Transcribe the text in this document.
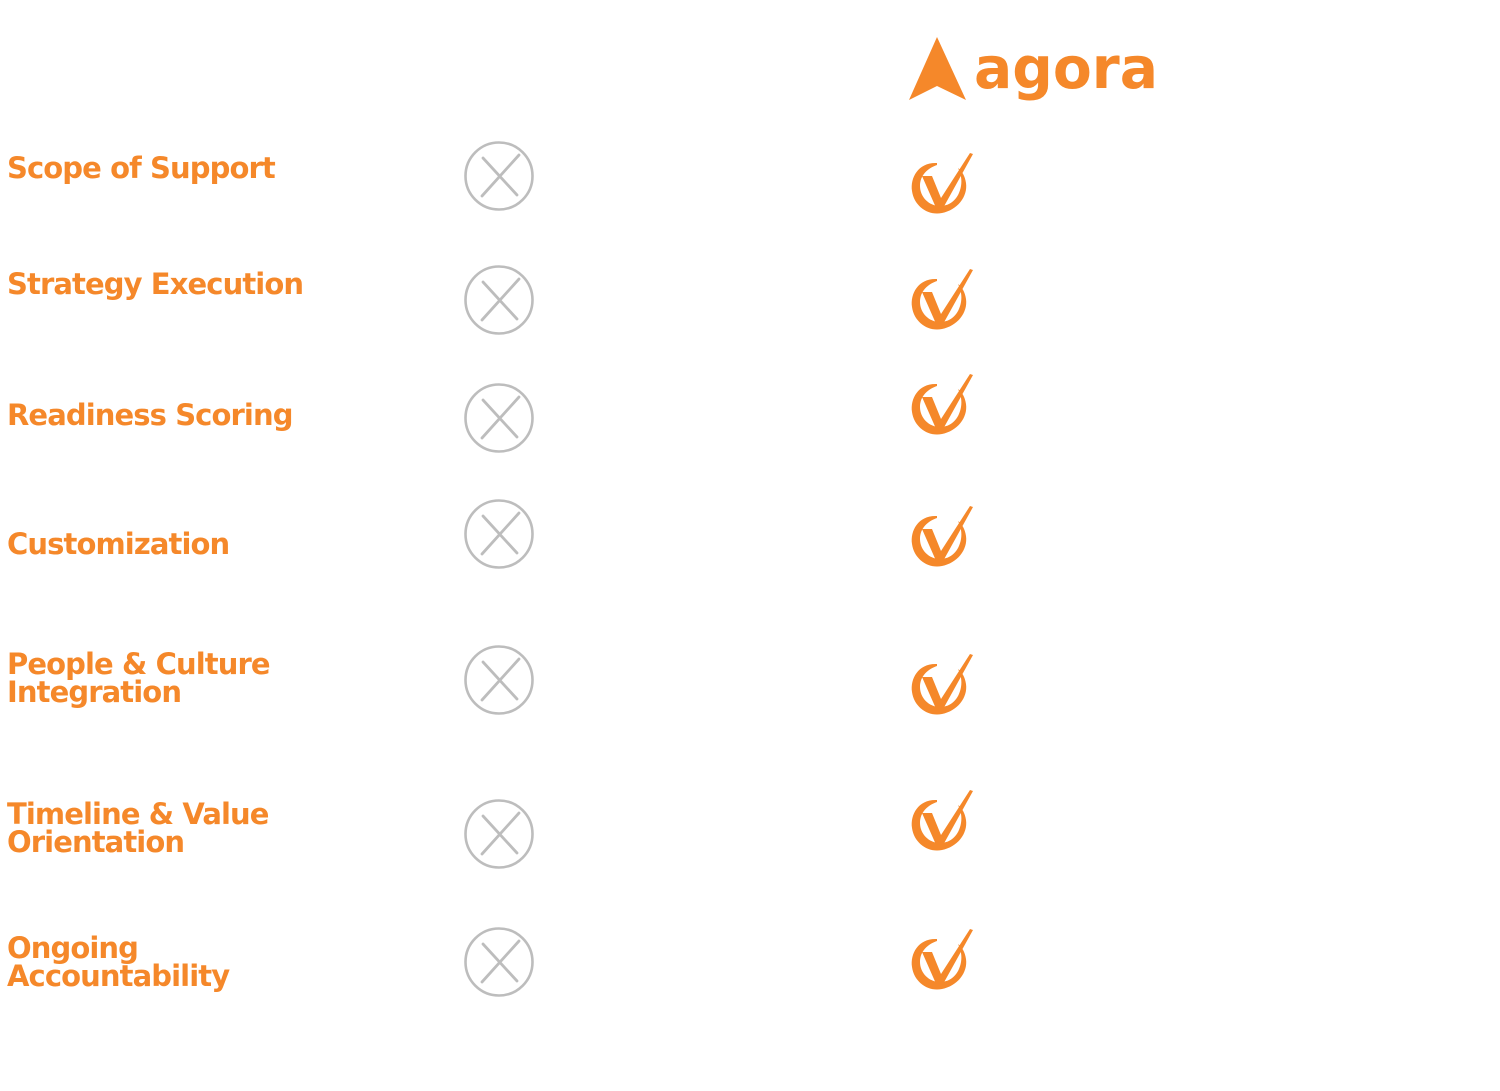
agora
Scope of Support
Strategy Execution
Readiness Scoring
Customization
People & Culture
Integration
Timeline & Value
Orientation
Ongoing
Accountability
